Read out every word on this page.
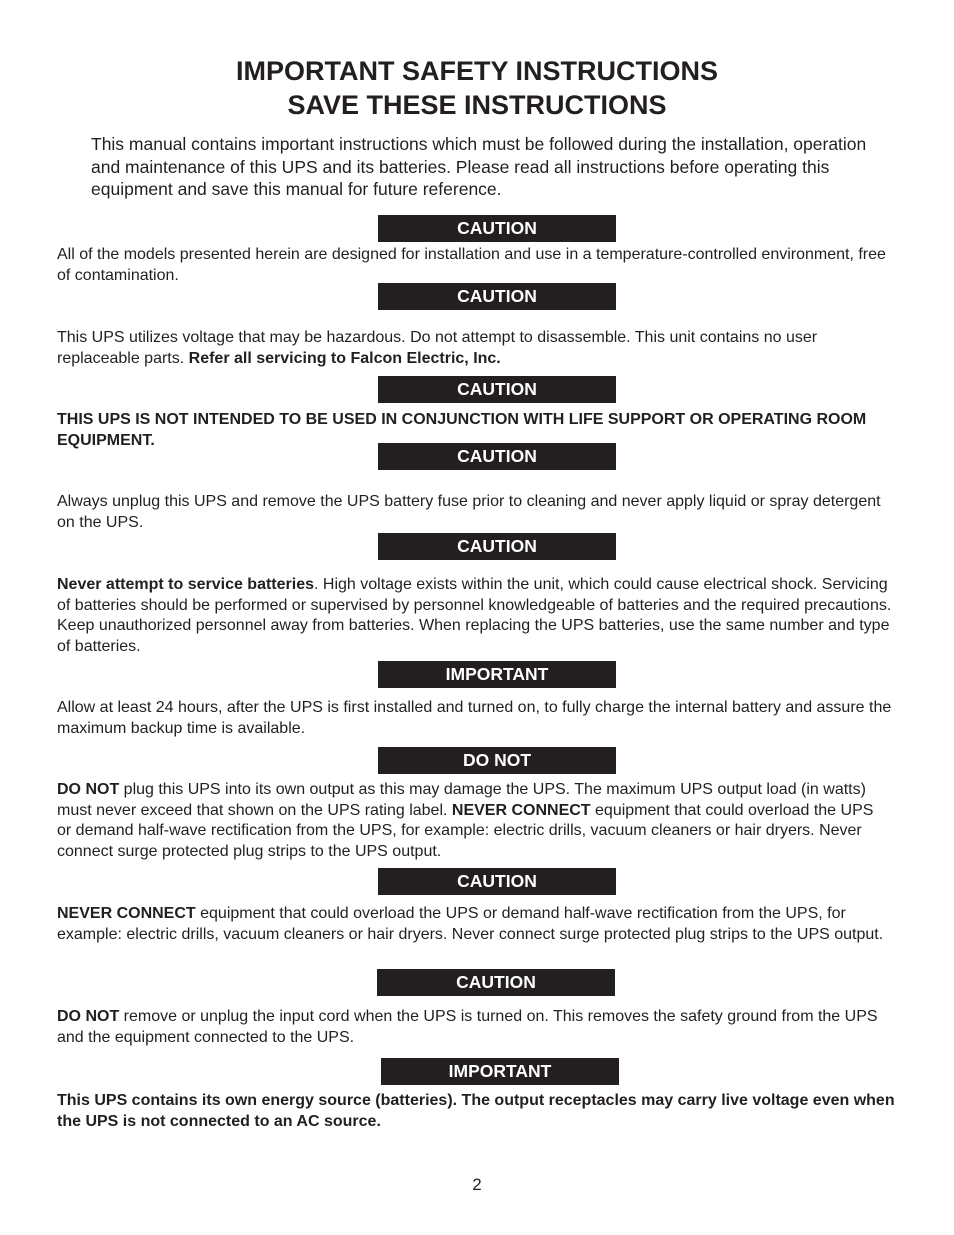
IMPORTANT SAFETY INSTRUCTIONS
SAVE THESE INSTRUCTIONS

This manual contains important instructions which must be followed during the installation, operation and maintenance of this UPS and its batteries. Please read all instructions before operating this equipment and save this manual for future reference.

CAUTION

All of the models presented herein are designed for installation and use in a temperature-controlled environment, free of contamination.

CAUTION

This UPS utilizes voltage that may be hazardous. Do not attempt to disassemble. This unit contains no user replaceable parts. Refer all servicing to Falcon Electric, Inc.

CAUTION

THIS UPS IS NOT INTENDED TO BE USED IN CONJUNCTION WITH LIFE SUPPORT OR OPERATING ROOM EQUIPMENT.

CAUTION

Always unplug this UPS and remove the UPS battery fuse prior to cleaning and never apply liquid or spray detergent on the UPS.

CAUTION

Never attempt to service batteries. High voltage exists within the unit, which could cause electrical shock. Servicing of batteries should be performed or supervised by personnel knowledgeable of batteries and the required precautions. Keep unauthorized personnel away from batteries. When replacing the UPS batteries, use the same number and type of batteries.

IMPORTANT

Allow at least 24 hours, after the UPS is first installed and turned on, to fully charge the internal battery and assure the maximum backup time is available.

DO NOT

DO NOT plug this UPS into its own output as this may damage the UPS. The maximum UPS output load (in watts) must never exceed that shown on the UPS rating label. NEVER CONNECT equipment that could overload the UPS or demand half-wave rectification from the UPS, for example: electric drills, vacuum cleaners or hair dryers. Never connect surge protected plug strips to the UPS output.

CAUTION

NEVER CONNECT equipment that could overload the UPS or demand half-wave rectification from the UPS, for example: electric drills, vacuum cleaners or hair dryers. Never connect surge protected plug strips to the UPS output.

CAUTION

DO NOT remove or unplug the input cord when the UPS is turned on. This removes the safety ground from the UPS and the equipment connected to the UPS.

IMPORTANT

This UPS contains its own energy source (batteries). The output receptacles may carry live voltage even when the UPS is not connected to an AC source.

2
